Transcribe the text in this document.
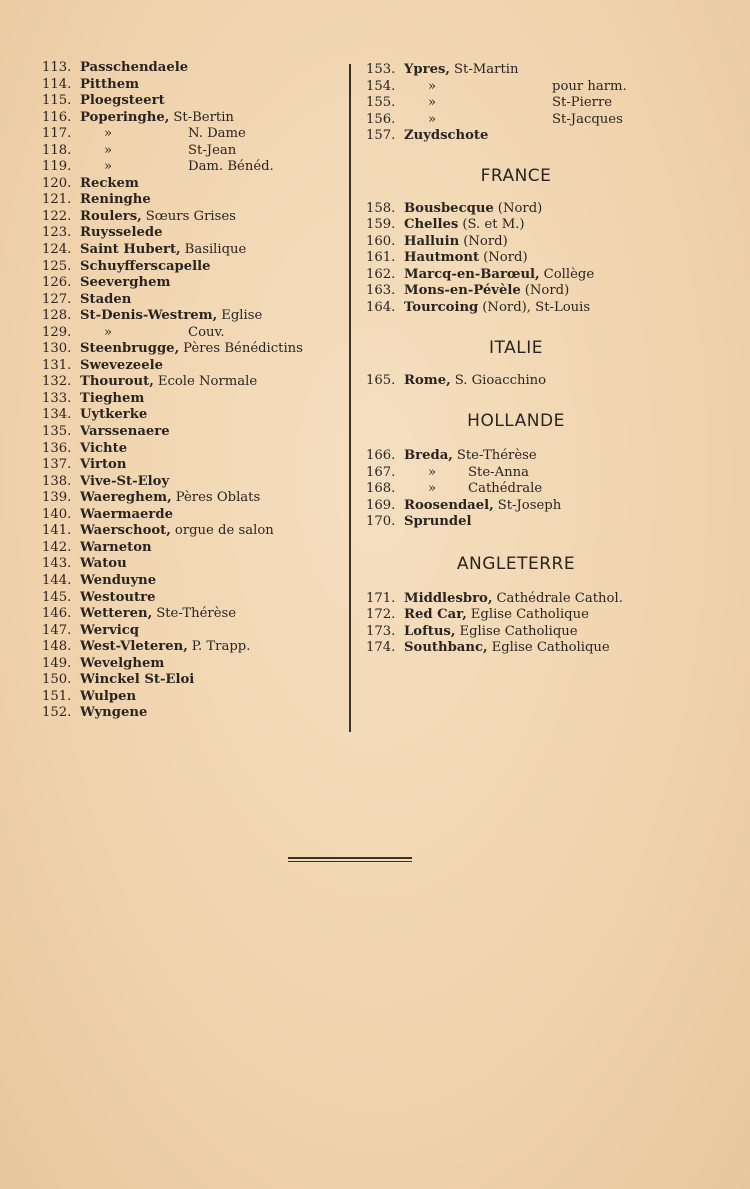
113. Passchendaele
114. Pitthem
115. Ploegsteert
116. Poperinghe, St-Bertin
117.	»	N. Dame
118.	»	St-Jean
119.	»	Dam. Bénéd.
120. Reckem
121. Reninghe
122. Roulers, Sœurs Grises
123. Ruysselede
124. Saint Hubert, Basilique
125. Schuyfferscapelle
126. Seeverghem
127. Staden
128. St-Denis-Westrem, Eglise
129.	»	Couv.
130. Steenbrugge, Pères Bénédictins
131. Swevezeele
132. Thourout, Ecole Normale
133. Tieghem
134. Uytkerke
135. Varssenaere
136. Vichte
137. Virton
138. Vive-St-Eloy
139. Waereghem, Pères Oblats
140. Waermaerde
141. Waerschoot, orgue de salon
142. Warneton
143. Watou
144. Wenduyne
145. Westoutre
146. Wetteren, Ste-Thérèse
147. Wervicq
148. West-Vleteren, P. Trapp.
149. Wevelghem
150. Winckel St-Eloi
151. Wulpen
152. Wyngene
153. Ypres, St-Martin
154.	»	pour harm.
155.	»	St-Pierre
156.	»	St-Jacques
157. Zuydschote
FRANCE
158. Bousbecque (Nord)
159. Chelles (S. et M.)
160. Halluin (Nord)
161. Hautmont (Nord)
162. Marcq-en-Barœul, Collège
163. Mons-en-Pévèle (Nord)
164. Tourcoing (Nord), St-Louis
ITALIE
165. Rome, S. Gioacchino
HOLLANDE
166. Breda, Ste-Thérèse
167.	»	Ste-Anna
168.	»	Cathédrale
169. Roosendael, St-Joseph
170. Sprundel
ANGLETERRE
171. Middlesbro, Cathédrale Cathol.
172. Red Car, Eglise Catholique
173. Loftus, Eglise Catholique
174. Southbanc, Eglise Catholique
